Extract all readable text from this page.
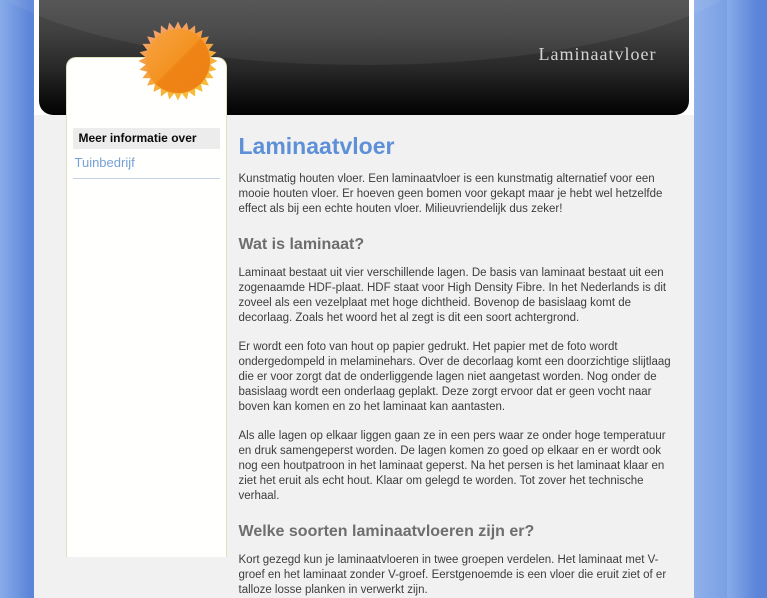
Laminaatvloer
Laminaatvloer

Kunstmatig houten vloer. Een laminaatvloer is een kunstmatig alternatief voor een mooie houten vloer. Er hoeven geen bomen voor gekapt maar je hebt wel hetzelfde effect als bij een echte houten vloer. Milieuvriendelijk dus zeker!

Wat is laminaat?

Laminaat bestaat uit vier verschillende lagen. De basis van laminaat bestaat uit een zogenaamde HDF-plaat. HDF staat voor High Density Fibre. In het Nederlands is dit zoveel als een vezelplaat met hoge dichtheid. Bovenop de basislaag komt de decorlaag. Zoals het woord het al zegt is dit een soort achtergrond.

Er wordt een foto van hout op papier gedrukt. Het papier met de foto wordt ondergedompeld in melaminehars. Over de decorlaag komt een doorzichtige slijtlaag die er voor zorgt dat de onderliggende lagen niet aangetast worden. Nog onder de basislaag wordt een onderlaag geplakt. Deze zorgt ervoor dat er geen vocht naar boven kan komen en zo het laminaat kan aantasten.

Als alle lagen op elkaar liggen gaan ze in een pers waar ze onder hoge temperatuur en druk samengeperst worden. De lagen komen zo goed op elkaar en er wordt ook nog een houtpatroon in het laminaat geperst. Na het persen is het laminaat klaar en ziet het eruit als echt hout. Klaar om gelegd te worden. Tot zover het technische verhaal.

Welke soorten laminaatvloeren zijn er?

Kort gezegd kun je laminaatvloeren in twee groepen verdelen. Het laminaat met V-groef en het laminaat zonder V-groef. Eerstgenoemde is een vloer die eruit ziet of er talloze losse planken in verwerkt zijn.

Meer informatie over
Tuinbedrijf
